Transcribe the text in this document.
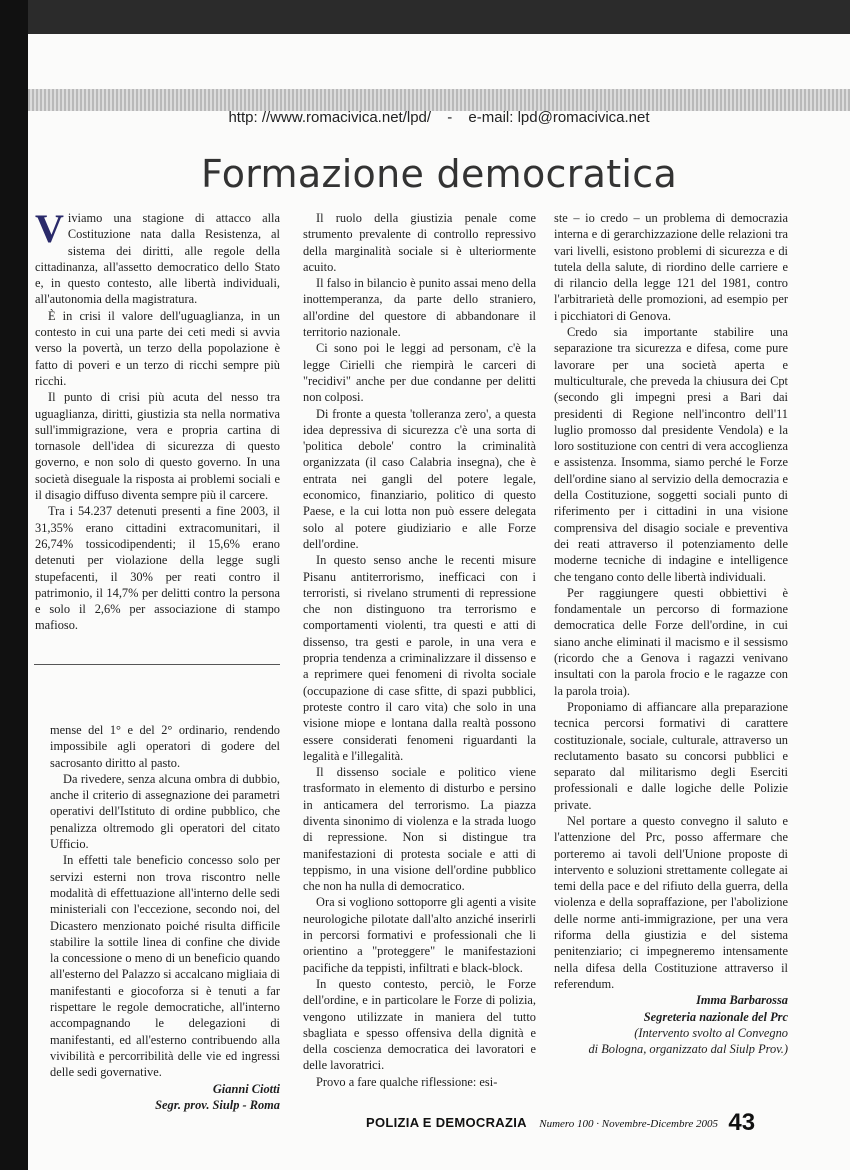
http: //www.romacivica.net/lpd/ - e-mail: lpd@romacivica.net
Formazione democratica

Viviamo una stagione di attacco alla Costituzione nata dalla Resistenza, al sistema dei diritti, alle regole della cittadinanza, all'assetto democratico dello Stato e, in questo contesto, alle libertà individuali, all'autonomia della magistratura.

È in crisi il valore dell'uguaglianza, in un contesto in cui una parte dei ceti medi si avvia verso la povertà, un terzo della popolazione è fatto di poveri e un terzo di ricchi sempre più ricchi.

Il punto di crisi più acuta del nesso tra uguaglianza, diritti, giustizia sta nella normativa sull'immigrazione, vera e propria cartina di tornasole dell'idea di sicurezza di questo governo, e non solo di questo governo. In una società diseguale la risposta ai problemi sociali e il disagio diffuso diventa sempre più il carcere.

Tra i 54.237 detenuti presenti a fine 2003, il 31,35% erano cittadini extracomunitari, il 26,74% tossicodipendenti; il 15,6% erano detenuti per violazione della legge sugli stupefacenti, il 30% per reati contro il patrimonio, il 14,7% per delitti contro la persona e solo il 2,6% per associazione di stampo mafioso.

mense del 1° e del 2° ordinario, rendendo impossibile agli operatori di godere del sacrosanto diritto al pasto.

Da rivedere, senza alcuna ombra di dubbio, anche il criterio di assegnazione dei parametri operativi dell'Istituto di ordine pubblico, che penalizza oltremodo gli operatori del citato Ufficio.

In effetti tale beneficio concesso solo per servizi esterni non trova riscontro nelle modalità di effettuazione all'interno delle sedi ministeriali con l'eccezione, secondo noi, del Dicastero menzionato poiché risulta difficile stabilire la sottile linea di confine che divide la concessione o meno di un beneficio quando all'esterno del Palazzo si accalcano migliaia di manifestanti e giocoforza si è tenuti a far rispettare le regole democratiche, all'interno accompagnando le delegazioni di manifestanti, ed all'esterno contribuendo alla vivibilità e percorribilità delle vie ed ingressi delle sedi governative.

Gianni Ciotti
Segr. prov. Siulp - Roma

Il ruolo della giustizia penale come strumento prevalente di controllo repressivo della marginalità sociale si è ulteriormente acuito.

Il falso in bilancio è punito assai meno della inottemperanza, da parte dello straniero, all'ordine del questore di abbandonare il territorio nazionale.

Ci sono poi le leggi ad personam, c'è la legge Cirielli che riempirà le carceri di "recidivi" anche per due condanne per delitti non colposi.

Di fronte a questa 'tolleranza zero', a questa idea depressiva di sicurezza c'è una sorta di 'politica debole' contro la criminalità organizzata (il caso Calabria insegna), che è entrata nei gangli del potere legale, economico, finanziario, politico di questo Paese, e la cui lotta non può essere delegata solo al potere giudiziario e alle Forze dell'ordine.

In questo senso anche le recenti misure Pisanu antiterrorismo, inefficaci con i terroristi, si rivelano strumenti di repressione che non distinguono tra terrorismo e comportamenti violenti, tra questi e atti di dissenso, tra gesti e parole, in una vera e propria tendenza a criminalizzare il dissenso e a reprimere quei fenomeni di rivolta sociale (occupazione di case sfitte, di spazi pubblici, proteste contro il caro vita) che solo in una visione miope e lontana dalla realtà possono essere considerati fenomeni riguardanti la legalità e l'illegalità.

Il dissenso sociale e politico viene trasformato in elemento di disturbo e persino in anticamera del terrorismo. La piazza diventa sinonimo di violenza e la strada luogo di repressione. Non si distingue tra manifestazioni di protesta sociale e atti di teppismo, in una visione dell'ordine pubblico che non ha nulla di democratico.

Ora si vogliono sottoporre gli agenti a visite neurologiche pilotate dall'alto anziché inserirli in percorsi formativi e professionali che li orientino a "proteggere" le manifestazioni pacifiche da teppisti, infiltrati e black-block.

In questo contesto, perciò, le Forze dell'ordine, e in particolare le Forze di polizia, vengono utilizzate in maniera del tutto sbagliata e spesso offensiva della dignità e della coscienza democratica dei lavoratori e delle lavoratrici.

Provo a fare qualche riflessione: esi-

ste – io credo – un problema di democrazia interna e di gerarchizzazione delle relazioni tra vari livelli, esistono problemi di sicurezza e di tutela della salute, di riordino delle carriere e di rilancio della legge 121 del 1981, contro l'arbitrarietà delle promozioni, ad esempio per i picchiatori di Genova.

Credo sia importante stabilire una separazione tra sicurezza e difesa, come pure lavorare per una società aperta e multiculturale, che preveda la chiusura dei Cpt (secondo gli impegni presi a Bari dai presidenti di Regione nell'incontro dell'11 luglio promosso dal presidente Vendola) e la loro sostituzione con centri di vera accoglienza e assistenza. Insomma, siamo perché le Forze dell'ordine siano al servizio della democrazia e della Costituzione, soggetti sociali punto di riferimento per i cittadini in una visione comprensiva del disagio sociale e preventiva dei reati attraverso il potenziamento delle moderne tecniche di indagine e intelligence che tengano conto delle libertà individuali.

Per raggiungere questi obbiettivi è fondamentale un percorso di formazione democratica delle Forze dell'ordine, in cui siano anche eliminati il macismo e il sessismo (ricordo che a Genova i ragazzi venivano insultati con la parola frocio e le ragazze con la parola troia).

Proponiamo di affiancare alla preparazione tecnica percorsi formativi di carattere costituzionale, sociale, culturale, attraverso un reclutamento basato su concorsi pubblici e separato dal militarismo degli Eserciti professionali e dalle logiche delle Polizie private.

Nel portare a questo convegno il saluto e l'attenzione del Prc, posso affermare che porteremo ai tavoli dell'Unione proposte di intervento e soluzioni strettamente collegate ai temi della pace e del rifiuto della guerra, della violenza e della sopraffazione, per l'abolizione delle norme anti-immigrazione, per una vera riforma della giustizia e del sistema penitenziario; ci impegneremo intensamente nella difesa della Costituzione attraverso il referendum.

Imma Barbarossa
Segreteria nazionale del Prc
(Intervento svolto al Convegno
di Bologna, organizzato dal Siulp Prov.)
POLIZIA E DEMOCRAZIA Numero 100 · Novembre-Dicembre 2005 43
